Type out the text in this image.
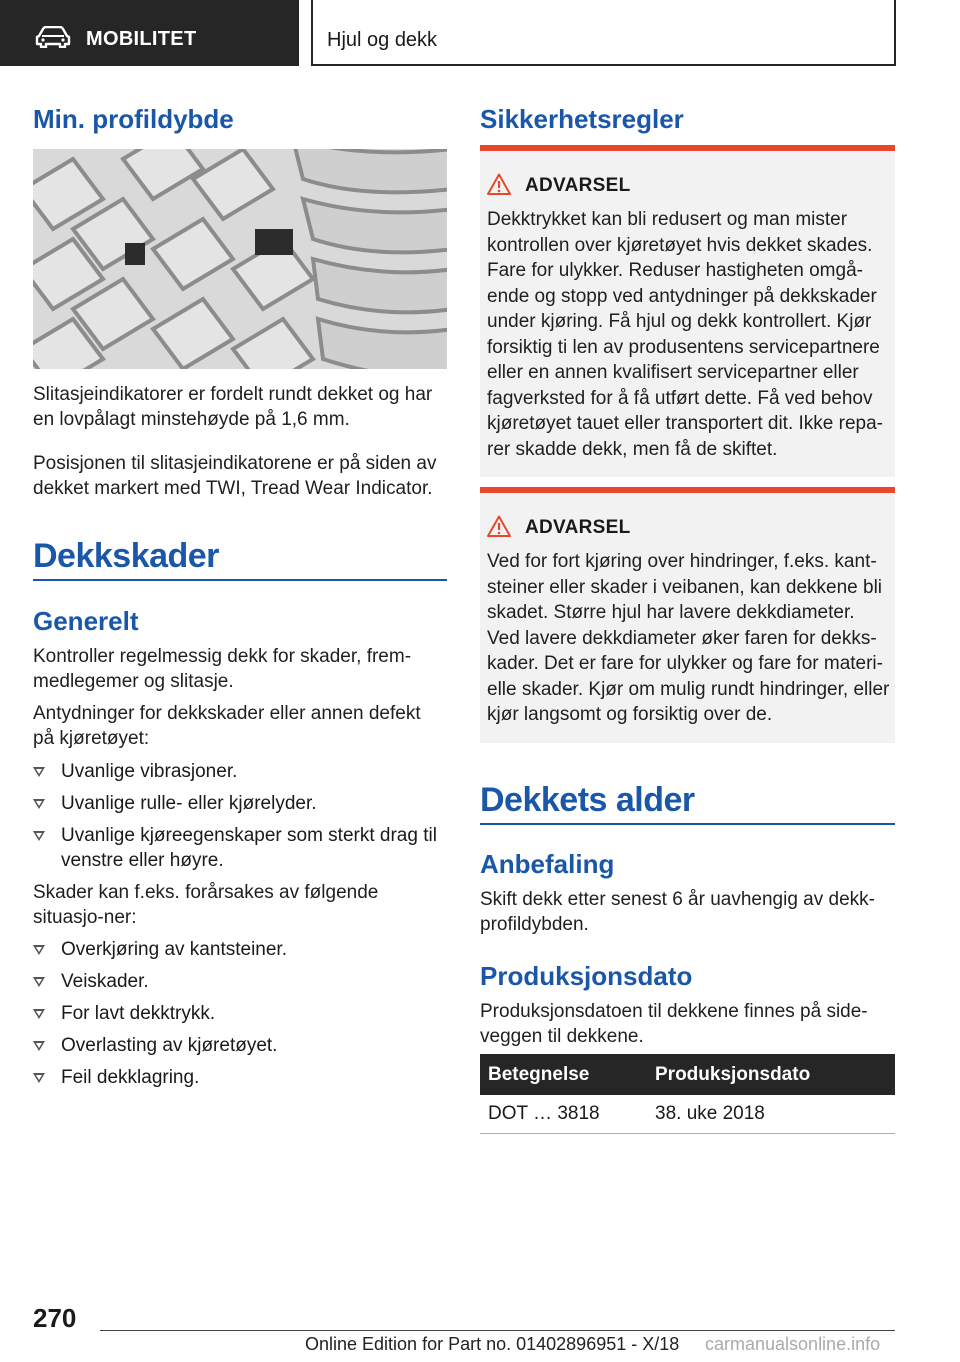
MOBILITET	Hjul og dekk
Min. profildybde

Slitasjeindikatorer er fordelt rundt dekket og har en lovpålagt minstehøyde på 1,6 mm.

Posisjonen til slitasjeindikatorene er på siden av dekket markert med TWI, Tread Wear Indicator.

Dekkskader
Generelt

Kontroller regelmessig dekk for skader, frem-medlegemer og slitasje.

Antydninger for dekkskader eller annen defekt på kjøretøyet:

Uvanlige vibrasjoner.
Uvanlige rulle- eller kjørelyder.
Uvanlige kjøreegenskaper som sterkt drag til venstre eller høyre.

Skader kan f.eks. forårsakes av følgende situasjo-ner:

Overkjøring av kantsteiner.
Veiskader.
For lavt dekktrykk.
Overlasting av kjøretøyet.
Feil dekklagring.
Sikkerhetsregler
ADVARSEL

Dekktrykket kan bli redusert og man mister kontrollen over kjøretøyet hvis dekket skades. Fare for ulykker. Reduser hastigheten omgå-ende og stopp ved antydninger på dekkskader under kjøring. Få hjul og dekk kontrollert. Kjør forsiktig ti len av produsentens servicepartnere eller en annen kvalifisert servicepartner eller fagverksted for å få utført dette. Få ved behov kjøretøyet tauet eller transportert dit. Ikke repa-rer skadde dekk, men få de skiftet.

ADVARSEL

Ved for fort kjøring over hindringer, f.eks. kant-steiner eller skader i veibanen, kan dekkene bli skadet. Større hjul har lavere dekkdiameter. Ved lavere dekkdiameter øker faren for dekks-kader. Det er fare for ulykker og fare for materi-elle skader. Kjør om mulig rundt hindringer, eller kjør langsomt og forsiktig over de.

Dekkets alder
Anbefaling

Skift dekk etter senest 6 år uavhengig av dekk-profildybden.

Produksjonsdato

Produksjonsdatoen til dekkene finnes på side-veggen til dekkene.

Betegnelse	Produksjonsdato
DOT … 3818	38. uke 2018
270
Online Edition for Part no. 01402896951 - X/18 carmanualsonline.info
